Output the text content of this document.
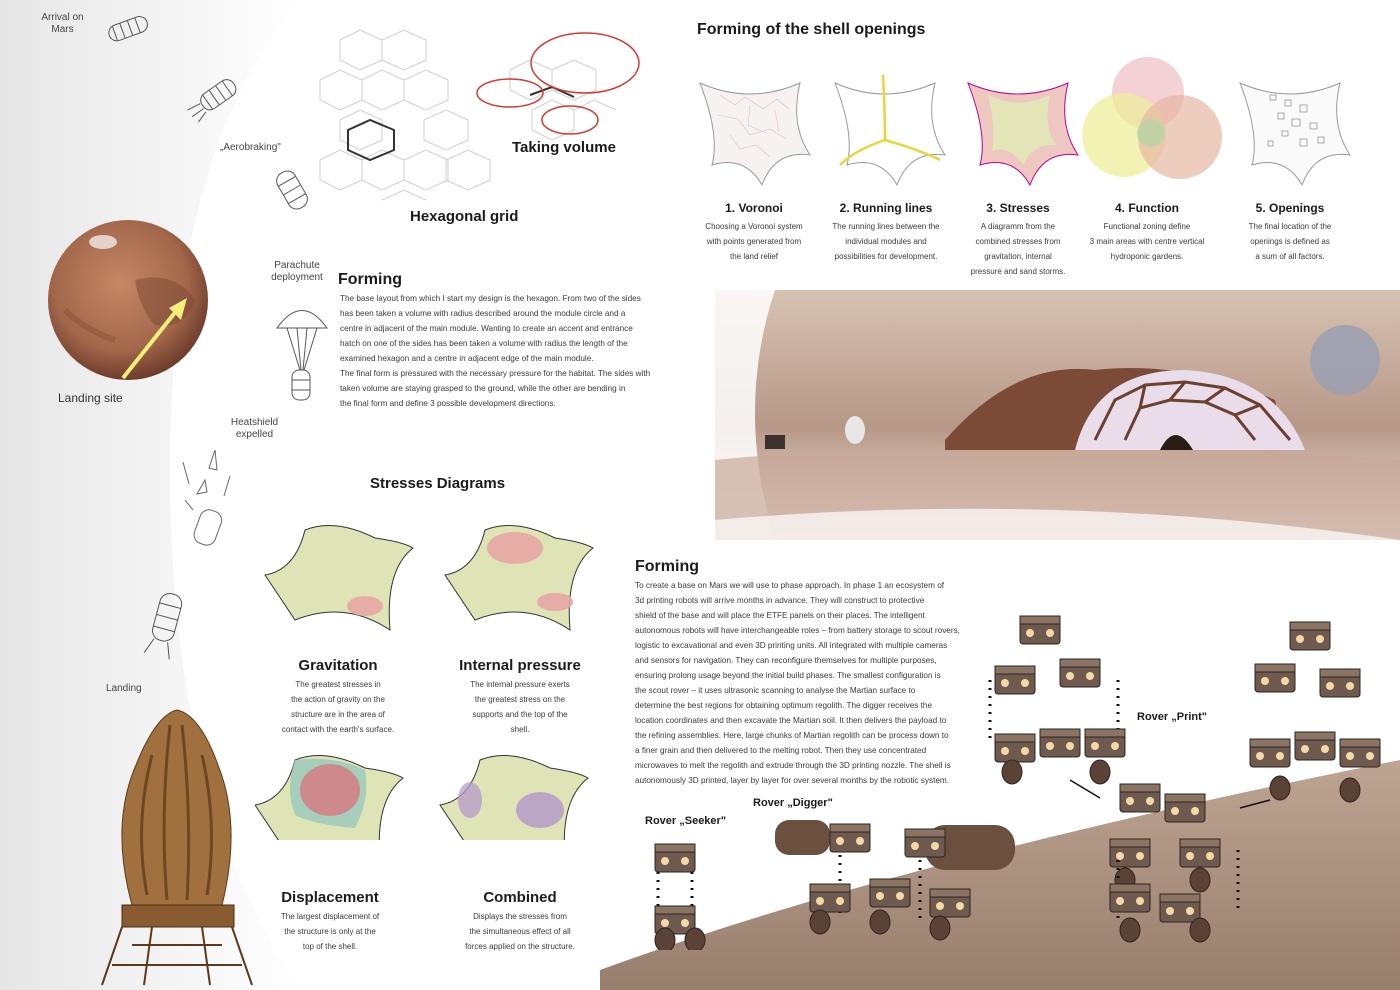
Arrival on Mars
„Aerobraking"
Parachute deployment
Heatshield expelled
Landing
Landing site
Hexagonal grid
Taking volume
Forming
The base layout from which I start my design is the hexagon. From two of the sides
has been taken a volume with radius described around the module circle and a
centre in adjacent of the main module. Wanting to create an accent and entrance
hatch on one of the sides has been taken a volume with radius the length of the
examined hexagon and a centre in adjacent edge of the main module.
The final form is pressured with the necessary pressure for the habitat. The sides with
taken volume are staying grasped to the ground, while the other are bending in
the final form and define 3 possible development directions.
Forming of the shell openings
1. Voronoi
Choosing a Voronoi system
with points generated from
the land relief
2. Running lines
The running lines between the
individual modules and
possibilities for development.
3. Stresses
A diagramm from the
combined stresses from
gravitation, internal
pressure and sand storms.
4. Function
Functional zoning define
3 main areas with centre vertical
hydroponic gardens.
5. Openings
The final location of the
openings is defined as
a sum of all factors.
Stresses Diagrams
Gravitation
The greatest stresses in
the action of gravity on the
structure are in the area of
contact with the earth's surface.
Internal pressure
The internal pressure exerts
the greatest stress on the
supports and the top of the
shell.
Displacement
The largest displacement of
the structure is only at the
top of the shell.
Combined
Displays the stresses from
the simultaneous effect of all
forces applied on the structure.
Forming
To create a base on Mars we will use to phase approach. In phase 1 an ecosystem of
3d printing robots will arrive months in advance. They will construct to protective
shield of the base and will place the ETFE panels on their places. The intelligent
autonomous robots will have interchangeable roles – from battery storage to scout rovers,
logistic to excavational and even 3D printing units. All integrated with multiple cameras
and sensors for navigation. They can reconfigure themselves for multiple purposes,
ensuring prolong usage beyond the initial build phases. The smallest configuration is
the scout rover – it uses ultrasonic scanning to analyse the Martian surface to
determine the best regions for obtaining optimum regolith. The digger receives the
location coordinates and then excavate the Martian soil. It then delivers the payload to
the refining assemblies. Here, large chunks of Martian regolith can be process down to
a finer grain and then delivered to the melting robot. Then they use concentrated
microwaves to melt the regolith and extrude through the 3D printing nozzle. The shell is
autonomously 3D printed, layer by layer for over several months by the robotic system.
Rover „Seeker"
Rover „Digger"
Rover „Print"
